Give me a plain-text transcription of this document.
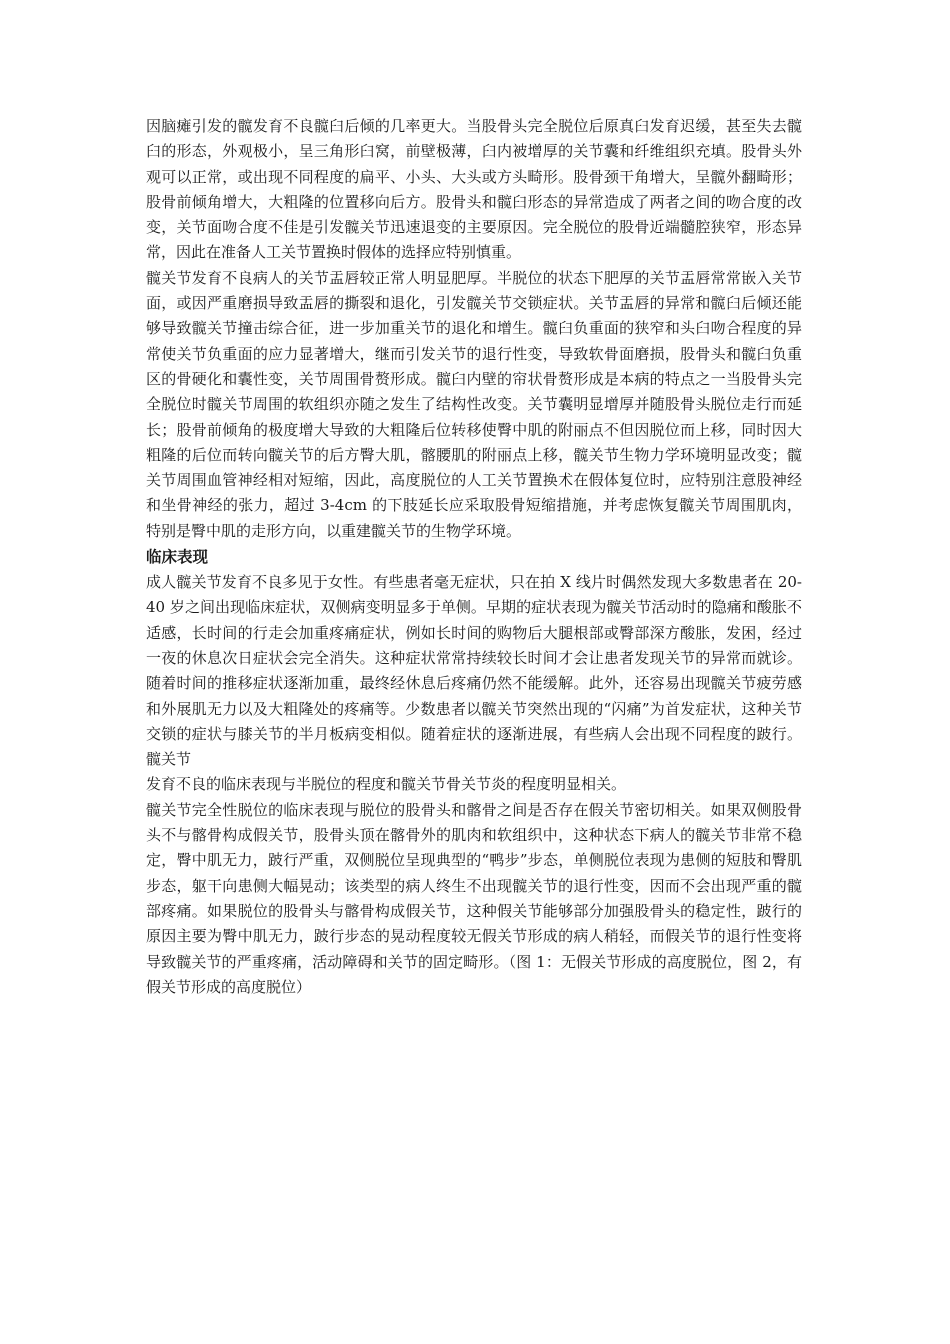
因脑瘫引发的髋发育不良髋臼后倾的几率更大。当股骨头完全脱位后原真臼发育迟缓，甚至失去髋臼的形态，外观极小，呈三角形臼窝，前壁极薄，臼内被增厚的关节囊和纤维组织充填。股骨头外观可以正常，或出现不同程度的扁平、小头、大头或方头畸形。股骨颈干角增大，呈髋外翻畸形；股骨前倾角增大，大粗隆的位置移向后方。股骨头和髋臼形态的异常造成了两者之间的吻合度的改变，关节面吻合度不佳是引发髋关节迅速退变的主要原因。完全脱位的股骨近端髓腔狭窄，形态异常，因此在准备人工关节置换时假体的选择应特别慎重。

髋关节发育不良病人的关节盂唇较正常人明显肥厚。半脱位的状态下肥厚的关节盂唇常常嵌入关节面，或因严重磨损导致盂唇的撕裂和退化，引发髋关节交锁症状。关节盂唇的异常和髋臼后倾还能够导致髋关节撞击综合征，进一步加重关节的退化和增生。髋臼负重面的狭窄和头臼吻合程度的异常使关节负重面的应力显著增大，继而引发关节的退行性变，导致软骨面磨损，股骨头和髋臼负重区的骨硬化和囊性变，关节周围骨赘形成。髋臼内壁的帘状骨赘形成是本病的特点之一当股骨头完全脱位时髋关节周围的软组织亦随之发生了结构性改变。关节囊明显增厚并随股骨头脱位走行而延长；股骨前倾角的极度增大导致的大粗隆后位转移使臀中肌的附丽点不但因脱位而上移，同时因大粗隆的后位而转向髋关节的后方臀大肌，髂腰肌的附丽点上移，髋关节生物力学环境明显改变；髋关节周围血管神经相对短缩，因此，高度脱位的人工关节置换术在假体复位时，应特别注意股神经和坐骨神经的张力，超过 3-4cm 的下肢延长应采取股骨短缩措施，并考虑恢复髋关节周围肌肉，特别是臀中肌的走形方向，以重建髋关节的生物学环境。

临床表现

成人髋关节发育不良多见于女性。有些患者毫无症状，只在拍 X 线片时偶然发现大多数患者在 20-40 岁之间出现临床症状，双侧病变明显多于单侧。早期的症状表现为髋关节活动时的隐痛和酸胀不适感，长时间的行走会加重疼痛症状，例如长时间的购物后大腿根部或臀部深方酸胀，发困，经过一夜的休息次日症状会完全消失。这种症状常常持续较长时间才会让患者发现关节的异常而就诊。随着时间的推移症状逐渐加重，最终经休息后疼痛仍然不能缓解。此外，还容易出现髋关节疲劳感和外展肌无力以及大粗隆处的疼痛等。少数患者以髋关节突然出现的“闪痛”为首发症状，这种关节交锁的症状与膝关节的半月板病变相似。随着症状的逐渐进展，有些病人会出现不同程度的跛行。髋关节

发育不良的临床表现与半脱位的程度和髋关节骨关节炎的程度明显相关。

髋关节完全性脱位的临床表现与脱位的股骨头和髂骨之间是否存在假关节密切相关。如果双侧股骨头不与髂骨构成假关节，股骨头顶在髂骨外的肌肉和软组织中，这种状态下病人的髋关节非常不稳定，臀中肌无力，跛行严重，双侧脱位呈现典型的“鸭步”步态，单侧脱位表现为患侧的短肢和臀肌步态，躯干向患侧大幅晃动；该类型的病人终生不出现髋关节的退行性变，因而不会出现严重的髋部疼痛。如果脱位的股骨头与髂骨构成假关节，这种假关节能够部分加强股骨头的稳定性，跛行的原因主要为臀中肌无力，跛行步态的晃动程度较无假关节形成的病人稍轻，而假关节的退行性变将导致髋关节的严重疼痛，活动障碍和关节的固定畸形。（图 1：无假关节形成的高度脱位，图 2，有假关节形成的高度脱位）
